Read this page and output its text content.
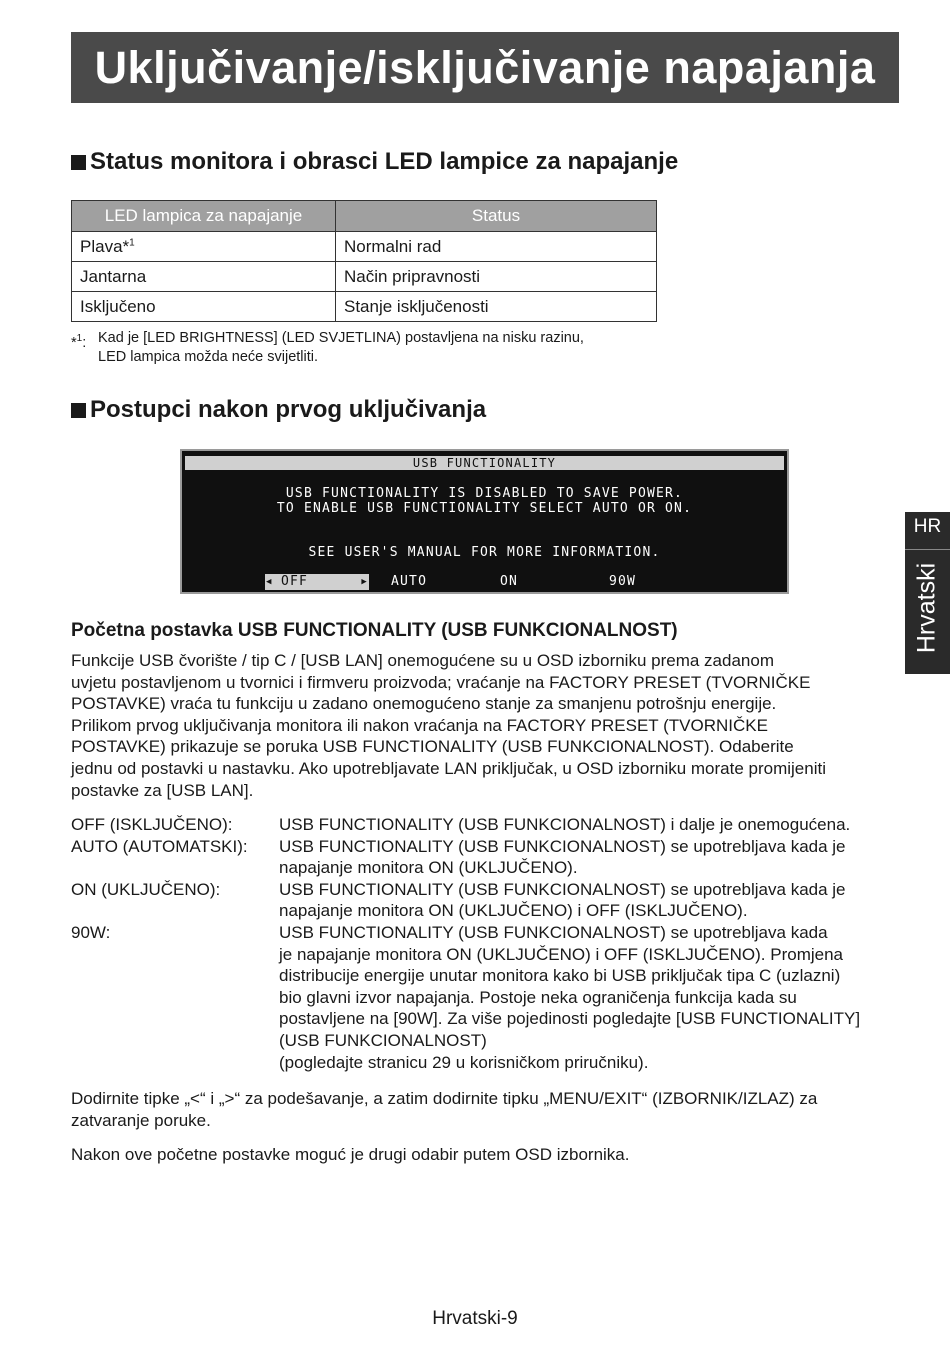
Uključivanje/isključivanje napajanja
Status monitora i obrasci LED lampice za napajanje
LED lampica za napajanje	Status
Plava*$^1$	Normalni rad
Jantarna	Način pripravnosti
Isključeno	Stanje isključenosti
*$^1$: Kad je [LED BRIGHTNESS] (LED SVJETLINA) postavljena na nisku razinu,
LED lampica možda neće svijetliti.
Postupci nakon prvog uključivanja
USB FUNCTIONALITY
USB FUNCTIONALITY IS DISABLED TO SAVE POWER.
TO ENABLE USB FUNCTIONALITY SELECT AUTO OR ON.
SEE USER'S MANUAL FOR MORE INFORMATION.
◀ OFF	▶ AUTO	ON	90W
Početna postavka USB FUNCTIONALITY (USB FUNKCIONALNOST)
Funkcije USB čvorište / tip C / [USB LAN] onemogućene su u OSD izborniku prema zadanom
uvjetu postavljenom u tvornici i firmveru proizvoda; vraćanje na FACTORY PRESET (TVORNIČKE
POSTAVKE) vraća tu funkciju u zadano onemogućeno stanje za smanjenu potrošnju energije.
Prilikom prvog uključivanja monitora ili nakon vraćanja na FACTORY PRESET (TVORNIČKE
POSTAVKE) prikazuje se poruka USB FUNCTIONALITY (USB FUNKCIONALNOST). Odaberite
jednu od postavki u nastavku. Ako upotrebljavate LAN priključak, u OSD izborniku morate promijeniti
postavke za [USB LAN].
OFF (ISKLJUČENO):	USB FUNCTIONALITY (USB FUNKCIONALNOST) i dalje je onemogućena.
AUTO (AUTOMATSKI):	USB FUNCTIONALITY (USB FUNKCIONALNOST) se upotrebljava kada je
napajanje monitora ON (UKLJUČENO).
ON (UKLJUČENO):	USB FUNCTIONALITY (USB FUNKCIONALNOST) se upotrebljava kada je
napajanje monitora ON (UKLJUČENO) i OFF (ISKLJUČENO).
90W:	USB FUNCTIONALITY (USB FUNKCIONALNOST) se upotrebljava kada
je napajanje monitora ON (UKLJUČENO) i OFF (ISKLJUČENO). Promjena
distribucije energije unutar monitora kako bi USB priključak tipa C (uzlazni)
bio glavni izvor napajanja. Postoje neka ograničenja funkcija kada su
postavljene na [90W]. Za više pojedinosti pogledajte [USB FUNCTIONALITY]
(USB FUNKCIONALNOST)
(pogledajte stranicu 29 u korisničkom priručniku).
Dodirnite tipke „<“ i „>“ za podešavanje, a zatim dodirnite tipku „MENU/EXIT“ (IZBORNIK/IZLAZ) za
zatvaranje poruke.
Nakon ove početne postavke moguć je drugi odabir putem OSD izbornika.
HR
Hrvatski
Hrvatski-9
